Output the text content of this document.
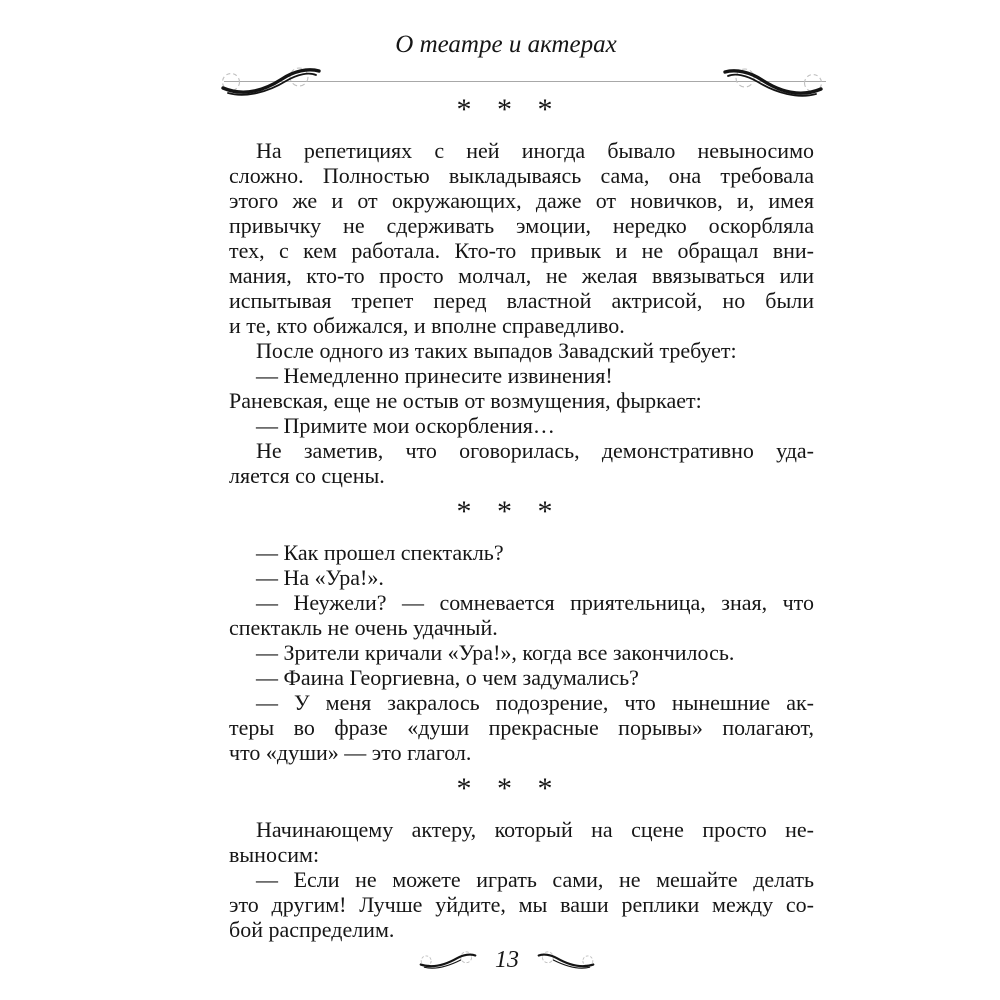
О театре и актерах
* * *
На репетициях с ней иногда бывало невыносимо
сложно. Полностью выкладываясь сама, она требовала
этого же и от окружающих, даже от новичков, и, имея
привычку не сдерживать эмоции, нередко оскорбляла
тех, с кем работала. Кто-то привык и не обращал вни-
мания, кто-то просто молчал, не желая ввязываться или
испытывая трепет перед властной актрисой, но были
и те, кто обижался, и вполне справедливо.
После одного из таких выпадов Завадский требует:
— Немедленно принесите извинения!
Раневская, еще не остыв от возмущения, фыркает:
— Примите мои оскорбления…
Не заметив, что оговорилась, демонстративно уда-
ляется со сцены.
* * *
— Как прошел спектакль?
— На «Ура!».
— Неужели? — сомневается приятельница, зная, что
спектакль не очень удачный.
— Зрители кричали «Ура!», когда все закончилось.
— Фаина Георгиевна, о чем задумались?
— У меня закралось подозрение, что нынешние ак-
теры во фразе «души прекрасные порывы» полагают,
что «души» — это глагол.
* * *
Начинающему актеру, который на сцене просто не-
выносим:
— Если не можете играть сами, не мешайте делать
это другим! Лучше уйдите, мы ваши реплики между со-
бой распределим.
13
